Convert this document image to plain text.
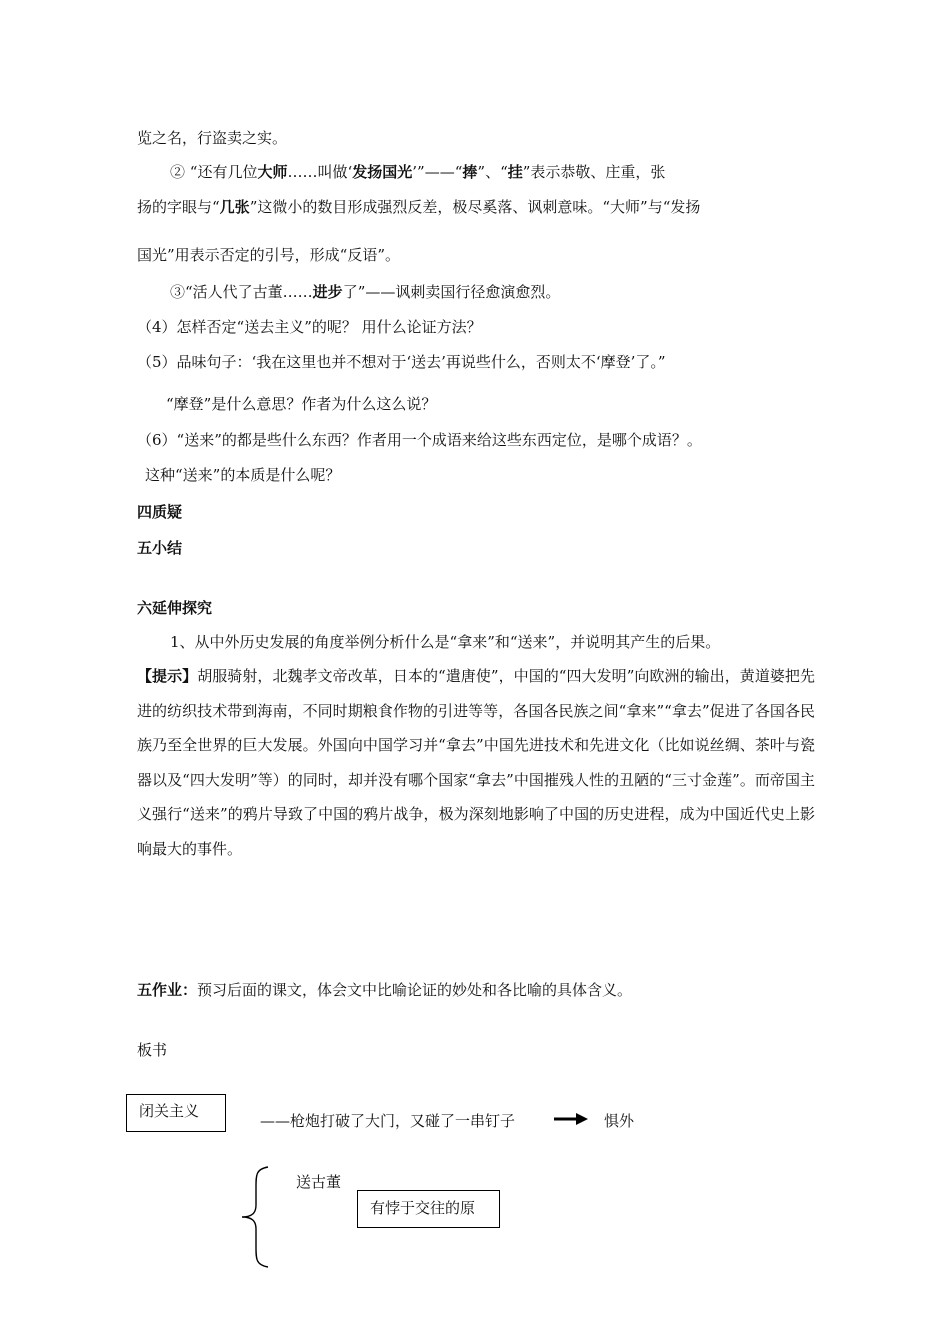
览之名，行盗卖之实。
② “还有几位大师……叫做‘发扬国光’”——“捧”、“挂”表示恭敬、庄重，张
扬的字眼与“几张”这微小的数目形成强烈反差，极尽奚落、讽刺意味。“大师”与“发扬
国光”用表示否定的引号，形成“反语”。
③“活人代了古董……进步了”——讽刺卖国行径愈演愈烈。
（4）怎样否定“送去主义”的呢？ 用什么论证方法？
（5）品味句子：‘我在这里也并不想对于‘送去’再说些什么，否则太不‘摩登’了。”
“摩登”是什么意思？作者为什么这么说？
（6）“送来”的都是些什么东西？作者用一个成语来给这些东西定位，是哪个成语？。
这种“送来”的本质是什么呢？
四质疑
五小结
六延伸探究
1、从中外历史发展的角度举例分析什么是“拿来”和“送来”，并说明其产生的后果。
【提示】胡服骑射，北魏孝文帝改革，日本的“遣唐使”，中国的“四大发明”向欧洲的输出，黄道婆把先进的纺织技术带到海南，不同时期粮食作物的引进等等，各国各民族之间“拿来”“拿去”促进了各国各民族乃至全世界的巨大发展。外国向中国学习并“拿去”中国先进技术和先进文化（比如说丝绸、茶叶与瓷器以及“四大发明”等）的同时，却并没有哪个国家“拿去”中国摧残人性的丑陋的“三寸金莲”。而帝国主义强行“送来”的鸦片导致了中国的鸦片战争，极为深刻地影响了中国的历史进程，成为中国近代史上影响最大的事件。
五作业：预习后面的课文，体会文中比喻论证的妙处和各比喻的具体含义。
板书
闭关主义
——枪炮打破了大门，又碰了一串钉子	惧外
送古董
有悖于交往的原
